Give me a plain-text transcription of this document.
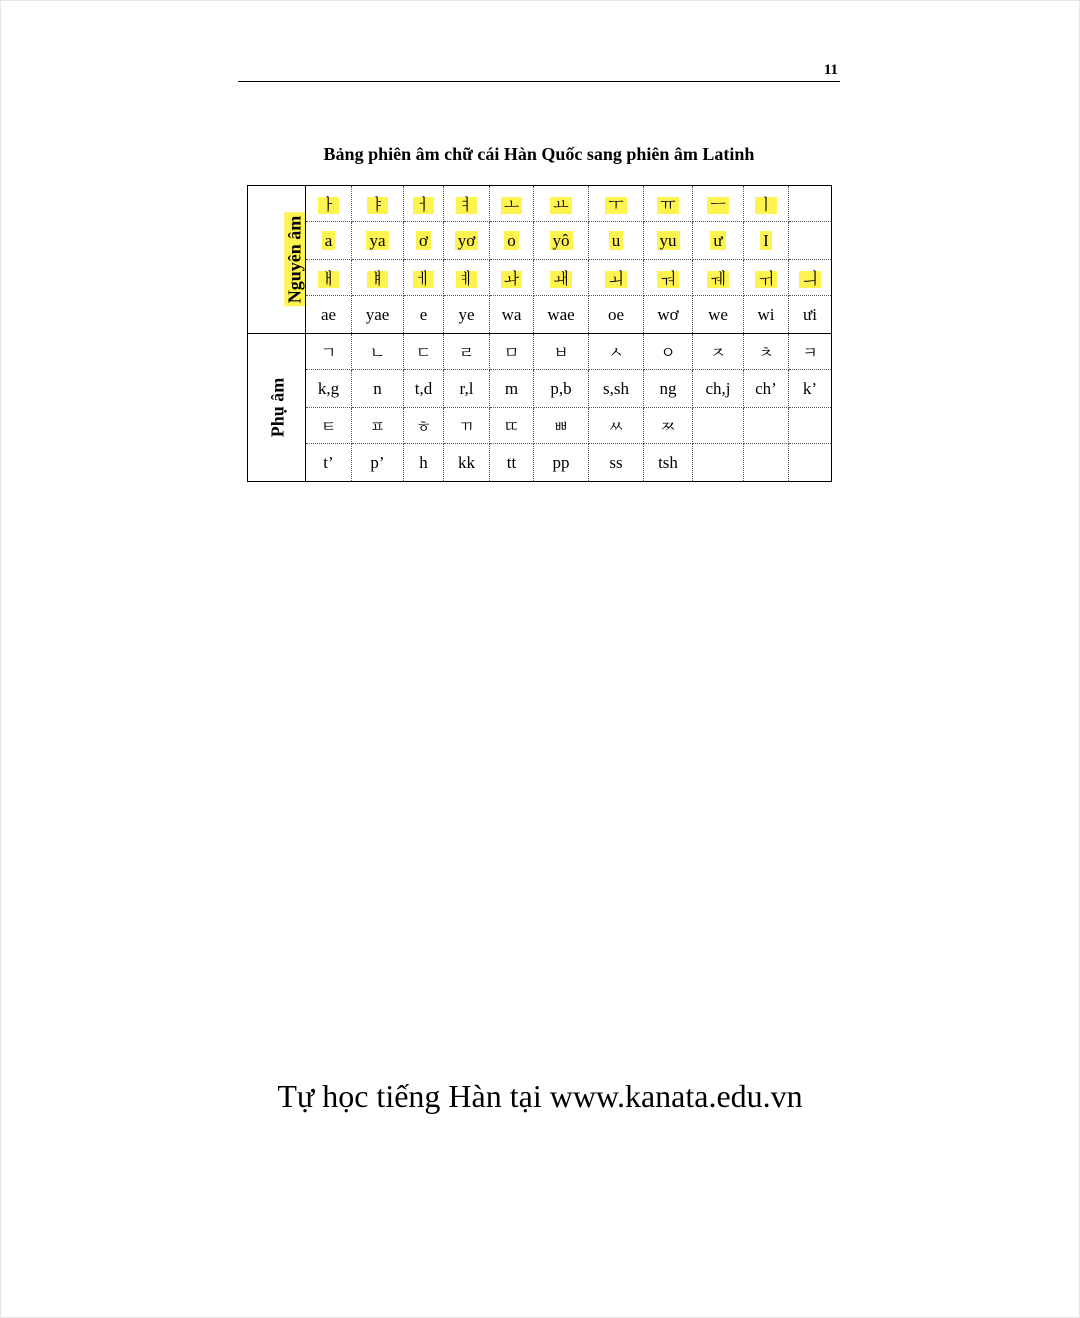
11
Bảng phiên âm chữ cái Hàn Quốc sang phiên âm Latinh
Nguyên âm	ㅏ	ㅑ	ㅓ	ㅕ	ㅗ	ㅛ	ㅜ	ㅠ	ㅡ	ㅣ	
	a	ya	ơ	yơ	o	yô	u	yu	ư	I	
	ㅐ	ㅒ	ㅔ	ㅖ	ㅘ	ㅙ	ㅚ	ㅝ	ㅞ	ㅟ	ㅢ
	ae	yae	e	ye	wa	wae	oe	wơ	we	wi	ưi
Phụ âm	ㄱ	ㄴ	ㄷ	ㄹ	ㅁ	ㅂ	ㅅ	ㅇ	ㅈ	ㅊ	ㅋ
	k,g	n	t,d	r,l	m	p,b	s,sh	ng	ch,j	ch’	k’
	ㅌ	ㅍ	ㅎ	ㄲ	ㄸ	ㅃ	ㅆ	ㅉ			
	t’	p’	h	kk	tt	pp	ss	tsh			
Tự học tiếng Hàn tại www.kanata.edu.vn
